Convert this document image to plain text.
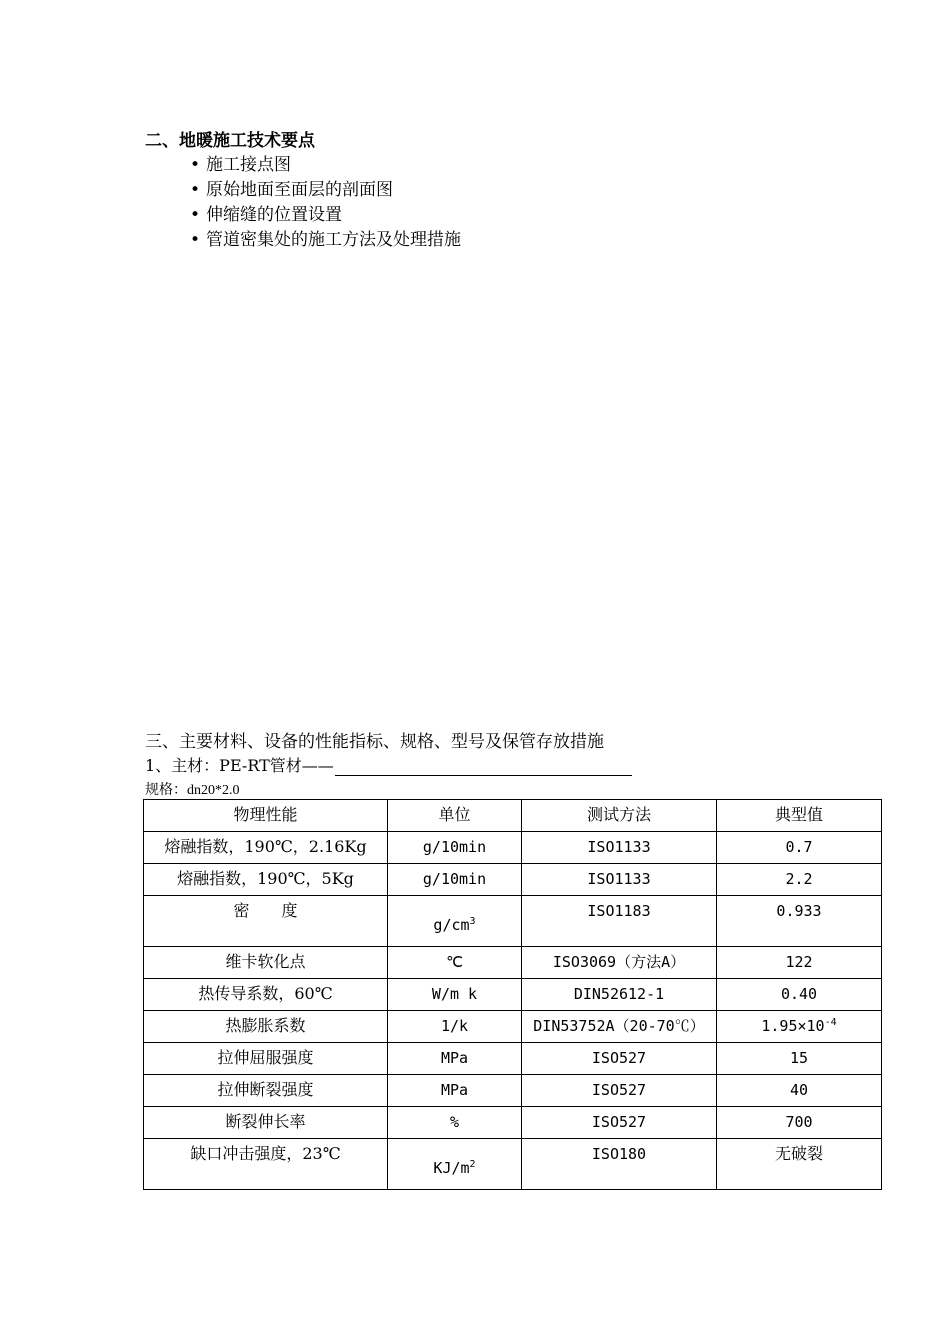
二、地暖施工技术要点
• 施工接点图
• 原始地面至面层的剖面图
• 伸缩缝的位置设置
• 管道密集处的施工方法及处理措施

三、主要材料、设备的性能指标、规格、型号及保管存放措施

1、主材：PE-RT管材——
规格：dn20*2.0
物理性能	单位	测试方法	典型值
熔融指数，190℃，2.16Kg	g/10min	ISO1133	0.7
熔融指数，190℃，5Kg	g/10min	ISO1133	2.2
密　　度	$g/cm^3$	ISO1183	0.933
维卡软化点	℃	ISO3069（方法A）	122
热传导系数，60℃	W/m k	DIN52612-1	0.40
热膨胀系数	1/k	DIN53752A（20-70℃）	$1.95\times 10^{-4}$
拉伸屈服强度	MPa	ISO527	15
拉伸断裂强度	MPa	ISO527	40
断裂伸长率	%	ISO527	700
缺口冲击强度，23℃	$KJ/m^2$	ISO180	无破裂
